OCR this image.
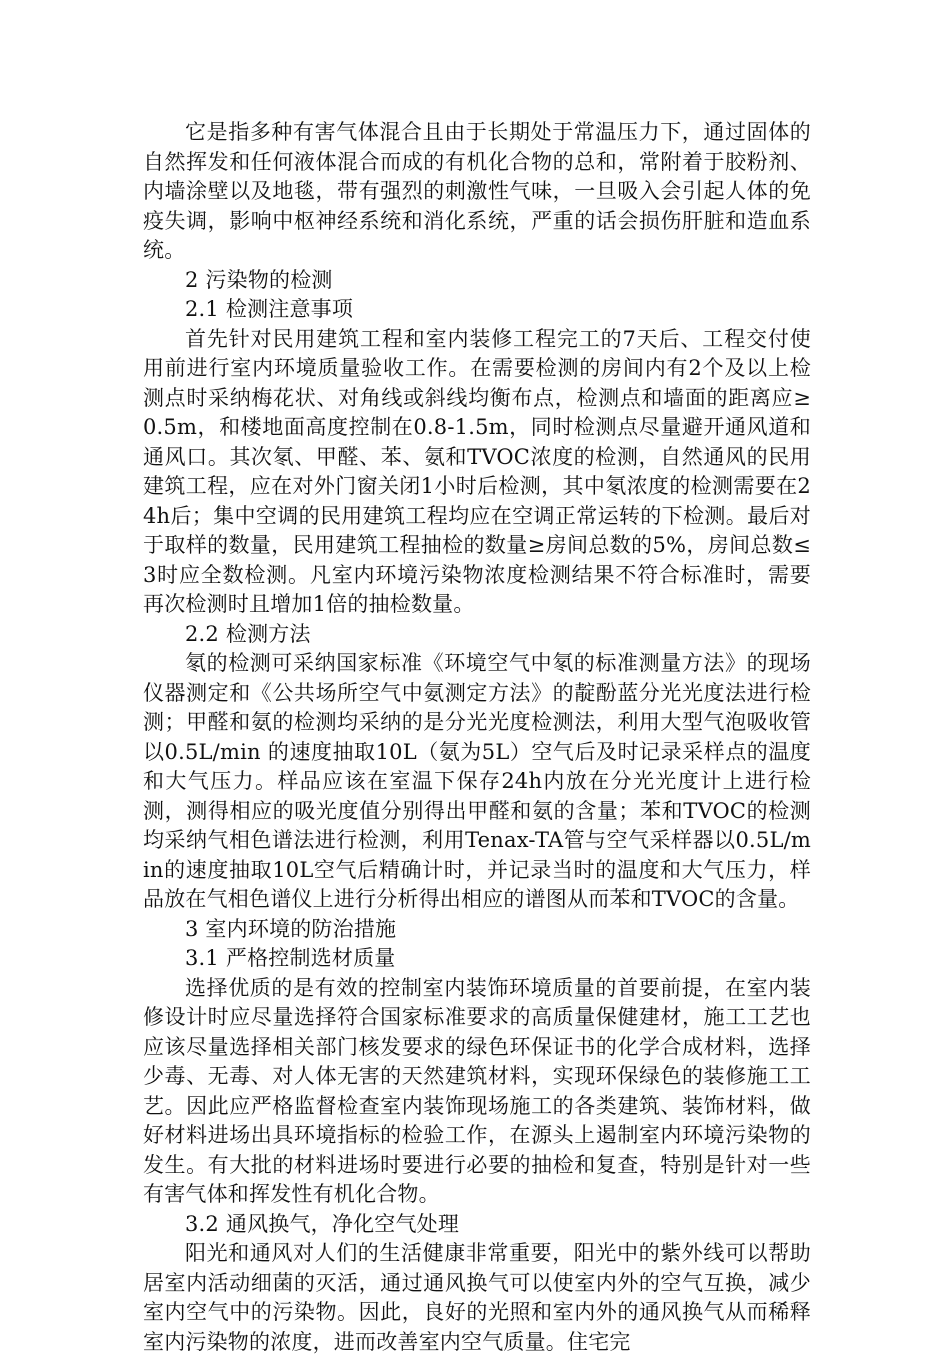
它是指多种有害气体混合且由于长期处于常温压力下，通过固体的自然挥发和任何液体混合而成的有机化合物的总和，常附着于胶粉剂、内墙涂壁以及地毯，带有强烈的刺激性气味，一旦吸入会引起人体的免疫失调，影响中枢神经系统和消化系统，严重的话会损伤肝脏和造血系统。

2 污染物的检测

2.1 检测注意事项

首先针对民用建筑工程和室内装修工程完工的7天后、工程交付使用前进行室内环境质量验收工作。在需要检测的房间内有2个及以上检测点时采纳梅花状、对角线或斜线均衡布点，检测点和墙面的距离应≥0.5m，和楼地面高度控制在0.8-1.5m，同时检测点尽量避开通风道和通风口。其次氡、甲醛、苯、氨和TVOC浓度的检测，自然通风的民用建筑工程，应在对外门窗关闭1小时后检测，其中氡浓度的检测需要在24h后；集中空调的民用建筑工程均应在空调正常运转的下检测。最后对于取样的数量，民用建筑工程抽检的数量≥房间总数的5%，房间总数≤3时应全数检测。凡室内环境污染物浓度检测结果不符合标准时，需要再次检测时且增加1倍的抽检数量。

2.2 检测方法

氡的检测可采纳国家标准《环境空气中氡的标准测量方法》的现场仪器测定和《公共场所空气中氨测定方法》的靛酚蓝分光光度法进行检测；甲醛和氨的检测均采纳的是分光光度检测法，利用大型气泡吸收管以0.5L/min 的速度抽取10L（氨为5L）空气后及时记录采样点的温度和大气压力。样品应该在室温下保存24h内放在分光光度计上进行检测，测得相应的吸光度值分别得出甲醛和氨的含量；苯和TVOC的检测均采纳气相色谱法进行检测，利用Tenax-TA管与空气采样器以0.5L/min的速度抽取10L空气后精确计时，并记录当时的温度和大气压力，样品放在气相色谱仪上进行分析得出相应的谱图从而苯和TVOC的含量。

3 室内环境的防治措施

3.1 严格控制选材质量

选择优质的是有效的控制室内装饰环境质量的首要前提，在室内装修设计时应尽量选择符合国家标准要求的高质量保健建材，施工工艺也应该尽量选择相关部门核发要求的绿色环保证书的化学合成材料，选择少毒、无毒、对人体无害的天然建筑材料，实现环保绿色的装修施工工艺。因此应严格监督检查室内装饰现场施工的各类建筑、装饰材料，做好材料进场出具环境指标的检验工作，在源头上遏制室内环境污染物的发生。有大批的材料进场时要进行必要的抽检和复查，特别是针对一些有害气体和挥发性有机化合物。

3.2 通风换气，净化空气处理

阳光和通风对人们的生活健康非常重要，阳光中的紫外线可以帮助居室内活动细菌的灭活，通过通风换气可以使室内外的空气互换，减少室内空气中的污染物。因此，良好的光照和室内外的通风换气从而稀释室内污染物的浓度，进而改善室内空气质量。住宅完
